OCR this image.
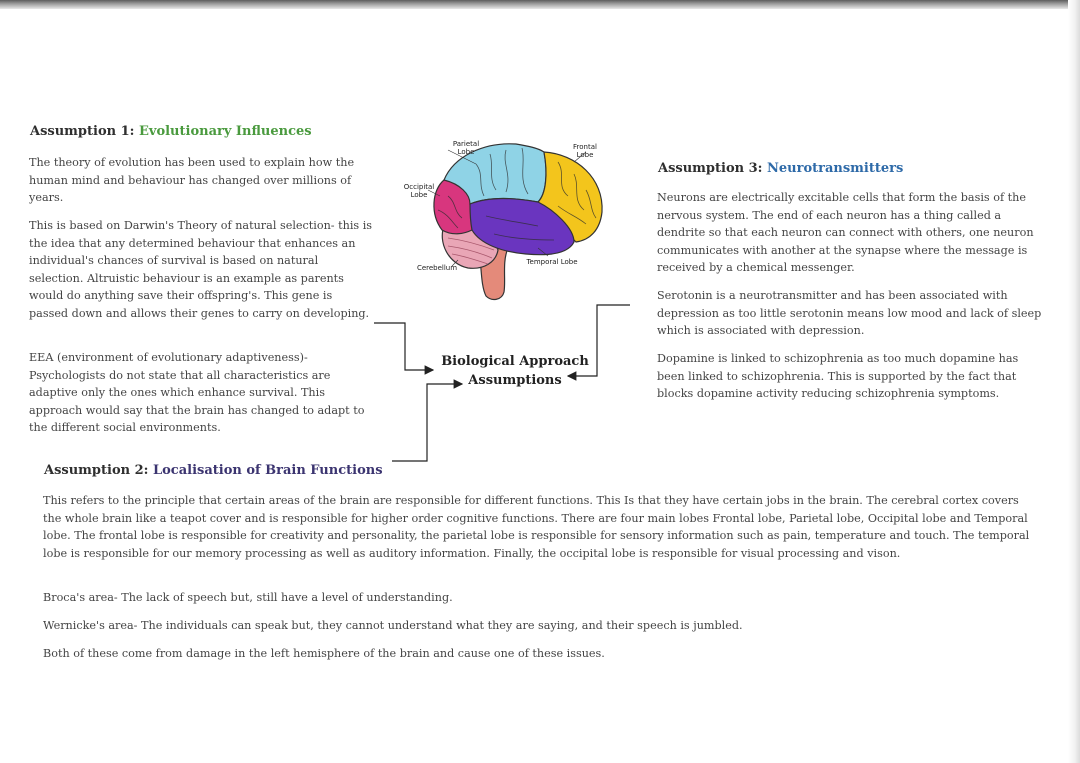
Assumption 1: Evolutionary Influences

The theory of evolution has been used to explain how the human mind and behaviour has changed over millions of years.

This is based on Darwin's Theory of natural selection- this is the idea that any determined behaviour that enhances an individual's chances of survival is based on natural selection. Altruistic behaviour is an example as parents would do anything save their offspring's. This gene is passed down and allows their genes to carry on developing.

EEA (environment of evolutionary adaptiveness)- Psychologists do not state that all characteristics are adaptive only the ones which enhance survival. This approach would say that the brain has changed to adapt to the different social environments.

Assumption 3: Neurotransmitters

Neurons are electrically excitable cells that form the basis of the nervous system. The end of each neuron has a thing called a dendrite so that each neuron can connect with others, one neuron communicates with another at the synapse where the message is received by a chemical messenger.

Serotonin is a neurotransmitter and has been associated with depression as too little serotonin means low mood and lack of sleep which is associated with depression.

Dopamine is linked to schizophrenia as too much dopamine has been linked to schizophrenia. This is supported by the fact that blocks dopamine activity reducing schizophrenia symptoms.

Assumption 2: Localisation of Brain Functions

This refers to the principle that certain areas of the brain are responsible for different functions. This Is that they have certain jobs in the brain. The cerebral cortex covers the whole brain like a teapot cover and is responsible for higher order cognitive functions. There are four main lobes Frontal lobe, Parietal lobe, Occipital lobe and Temporal lobe. The frontal lobe is responsible for creativity and personality, the parietal lobe is responsible for sensory information such as pain, temperature and touch. The temporal lobe is responsible for our memory processing as well as auditory information. Finally, the occipital lobe is responsible for visual processing and vison.

Broca's area- The lack of speech but, still have a level of understanding.

Wernicke's area- The individuals can speak but, they cannot understand what they are saying, and their speech is jumbled.

Both of these come from damage in the left hemisphere of the brain and cause one of these issues.

Biological Approach
Assumptions
Parietal Lobe
Frontal Lobe
Occipital Lobe
Temporal Lobe
Cerebellum
